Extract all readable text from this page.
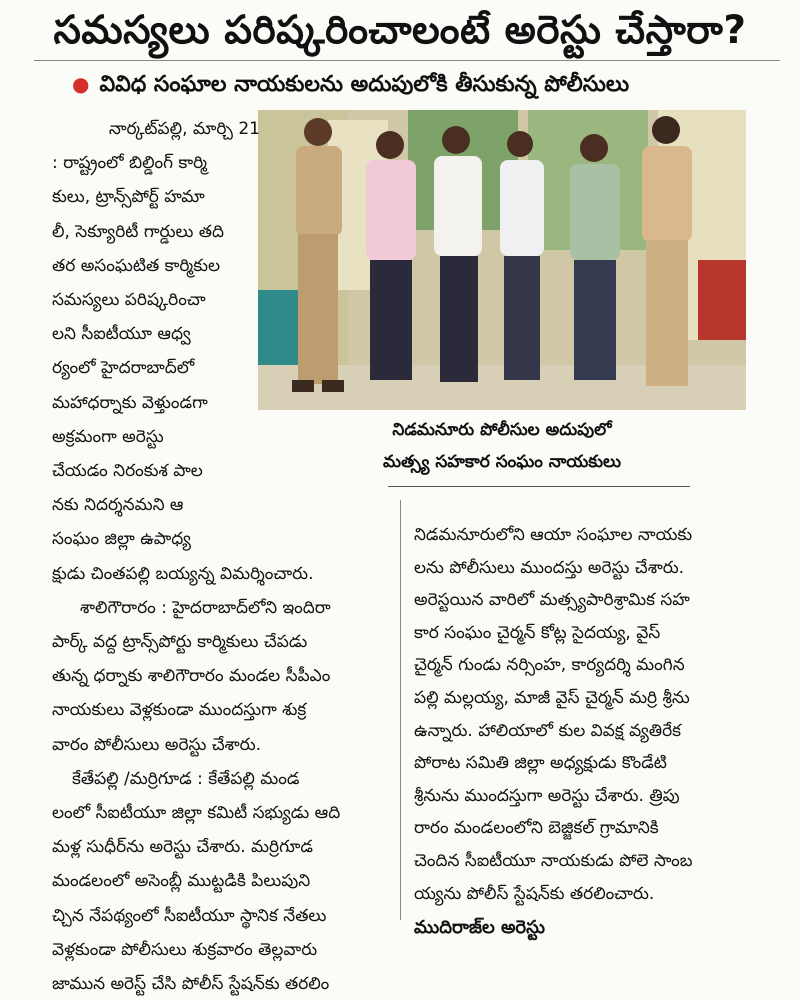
సమస్యలు పరిష్కరించాలంటే అరెస్టు చేస్తారా?
● వివిధ సంఘాల నాయకులను అదుపులోకి తీసుకున్న పోలీసులు
నిడమనూరు పోలీసుల అదుపులో
మత్స్య సహకార సంఘం నాయకులు
నార్కట్‌పల్లి, మార్చి 21
: రాష్ట్రంలో బిల్డింగ్ కార్మి
కులు, ట్రాన్స్‌పోర్ట్ హమా
లీ, సెక్యూరిటీ గార్డులు తది
తర అసంఘటిత కార్మికుల
సమస్యలు పరిష్కరించా
లని సీఐటీయూ ఆధ్వ
ర్యంలో హైదరాబాద్‌లో
మహాధర్నాకు వెళ్తుండగా
అక్రమంగా అరెస్టు
చేయడం నిరంకుశ పాల
నకు నిదర్శనమని ఆ
సంఘం జిల్లా ఉపాధ్య
క్షుడు చింతపల్లి బయ్యన్న విమర్శించారు.
శాలిగౌరారం : హైదరాబాద్‌లోని ఇందిరా
పార్క్ వద్ద ట్రాన్స్‌పోర్టు కార్మికులు చేపడు
తున్న ధర్నాకు శాలిగౌరారం మండల సీపీఎం
నాయకులు వెళ్లకుండా ముందస్తుగా శుక్ర
వారం పోలీసులు అరెస్టు చేశారు.
కేతేపల్లి /మర్రిగూడ : కేతేపల్లి మండ
లంలో సీఐటీయూ జిల్లా కమిటీ సభ్యుడు ఆది
మళ్ల సుధీర్‌ను అరెస్టు చేశారు. మర్రిగూడ
మండలంలో అసెంబ్లీ ముట్టడికి పిలుపుని
చ్చిన నేపథ్యంలో సీఐటీయూ స్థానిక నేతలు
వెళ్లకుండా పోలీసులు శుక్రవారం తెల్లవారు
జామున అరెస్ట్ చేసి పోలీస్ స్టేషన్‌కు తరలిం
నిడమనూరులోని ఆయా సంఘాల నాయకు
లను పోలీసులు ముందస్తు అరెస్టు చేశారు.
అరెస్టయిన వారిలో మత్స్యపారిశ్రామిక సహ
కార సంఘం చైర్మన్ కోట్ల సైదయ్య, వైస్
చైర్మన్ గుండు నర్సింహ, కార్యదర్శి మంగిన
పల్లి మల్లయ్య, మాజీ వైస్ చైర్మన్ మర్రి శ్రీను
ఉన్నారు. హాలియాలో కుల వివక్ష వ్యతిరేక
పోరాట సమితి జిల్లా అధ్యక్షుడు కొండేటి
శ్రీనును ముందస్తుగా అరెస్టు చేశారు. త్రిపు
రారం మండలంలోని బెజ్జికల్ గ్రామానికి
చెందిన సీఐటీయూ నాయకుడు పోలె సాంబ
య్యను పోలీస్ స్టేషన్‌కు తరలించారు.
ముదిరాజ్‌ల అరెస్టు
